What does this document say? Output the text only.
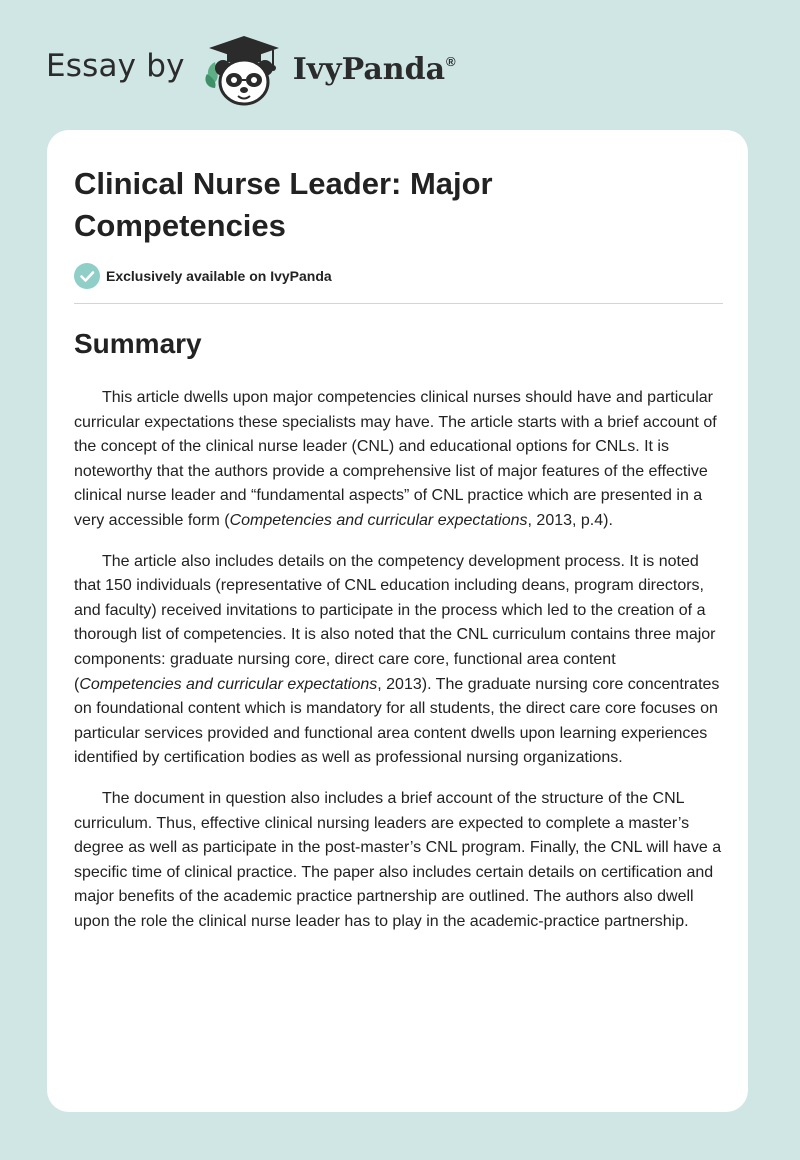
Essay by	IvyPanda®
Clinical Nurse Leader: Major Competencies
Exclusively available on IvyPanda
Summary

This article dwells upon major competencies clinical nurses should have and particular curricular expectations these specialists may have. The article starts with a brief account of the concept of the clinical nurse leader (CNL) and educational options for CNLs. It is noteworthy that the authors provide a comprehensive list of major features of the effective clinical nurse leader and “fundamental aspects” of CNL practice which are presented in a very accessible form (Competencies and curricular expectations, 2013, p.4).

The article also includes details on the competency development process. It is noted that 150 individuals (representative of CNL education including deans, program directors, and faculty) received invitations to participate in the process which led to the creation of a thorough list of competencies. It is also noted that the CNL curriculum contains three major components: graduate nursing core, direct care core, functional area content (Competencies and curricular expectations, 2013). The graduate nursing core concentrates on foundational content which is mandatory for all students, the direct care core focuses on particular services provided and functional area content dwells upon learning experiences identified by certification bodies as well as professional nursing organizations.

The document in question also includes a brief account of the structure of the CNL curriculum. Thus, effective clinical nursing leaders are expected to complete a master’s degree as well as participate in the post-master’s CNL program. Finally, the CNL will have a specific time of clinical practice. The paper also includes certain details on certification and major benefits of the academic practice partnership are outlined. The authors also dwell upon the role the clinical nurse leader has to play in the academic-practice partnership.
